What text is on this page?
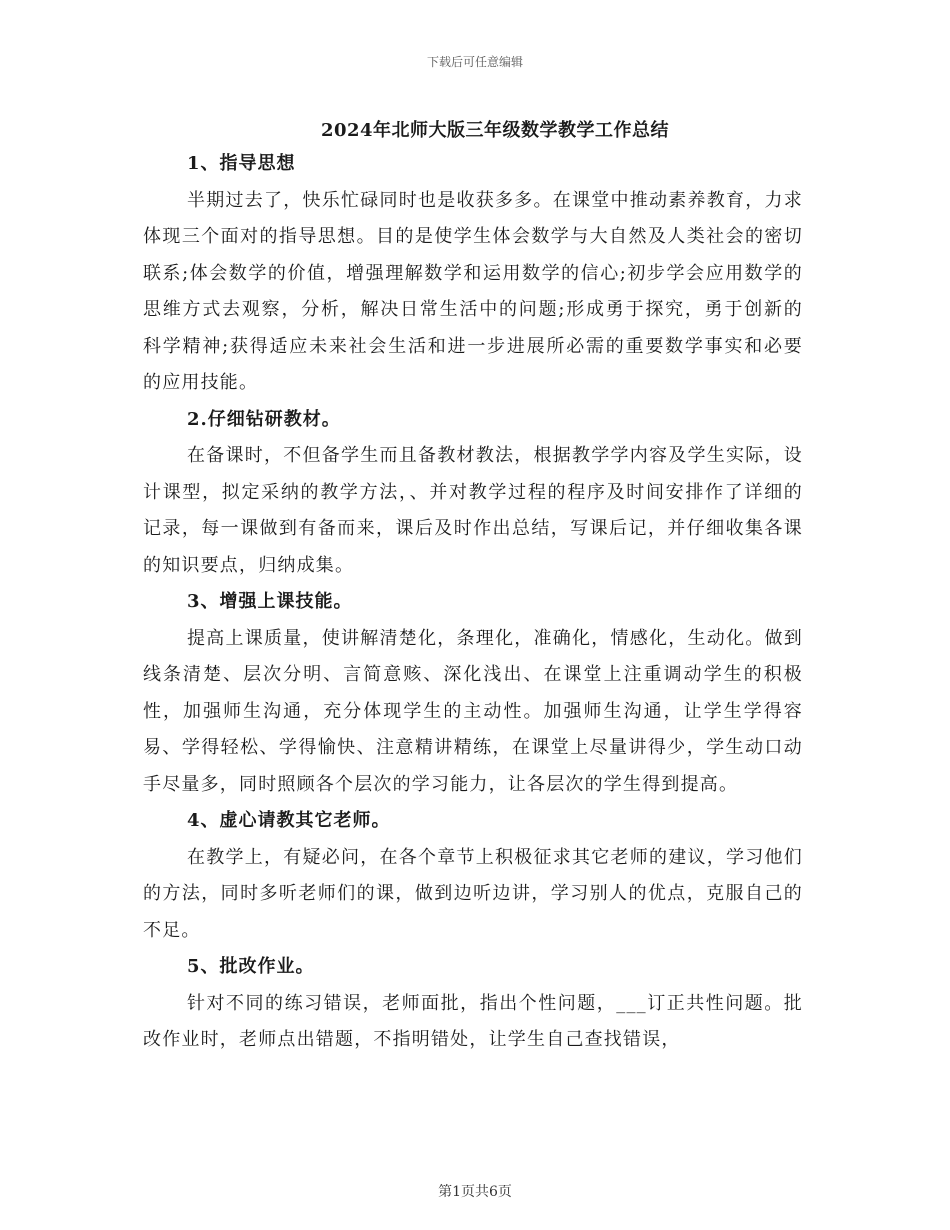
下载后可任意编辑
2024年北师大版三年级数学教学工作总结

1、指导思想

半期过去了，快乐忙碌同时也是收获多多。在课堂中推动素养教育，力求体现三个面对的指导思想。目的是使学生体会数学与大自然及人类社会的密切联系;体会数学的价值，增强理解数学和运用数学的信心;初步学会应用数学的思维方式去观察，分析，解决日常生活中的问题;形成勇于探究，勇于创新的科学精神;获得适应未来社会生活和进一步进展所必需的重要数学事实和必要的应用技能。

2.仔细钻研教材。

在备课时，不但备学生而且备教材教法，根据教学学内容及学生实际，设计课型，拟定采纳的教学方法，、并对教学过程的程序及时间安排作了详细的记录，每一课做到有备而来，课后及时作出总结，写课后记，并仔细收集各课的知识要点，归纳成集。

3、增强上课技能。

提高上课质量，使讲解清楚化，条理化，准确化，情感化，生动化。做到线条清楚、层次分明、言简意赅、深化浅出、在课堂上注重调动学生的积极性，加强师生沟通，充分体现学生的主动性。加强师生沟通，让学生学得容易、学得轻松、学得愉快、注意精讲精练，在课堂上尽量讲得少，学生动口动手尽量多，同时照顾各个层次的学习能力，让各层次的学生得到提高。

4、虚心请教其它老师。

在教学上，有疑必问，在各个章节上积极征求其它老师的建议，学习他们的方法，同时多听老师们的课，做到边听边讲，学习别人的优点，克服自己的不足。

5、批改作业。

针对不同的练习错误，老师面批，指出个性问题，___订正共性问题。批改作业时，老师点出错题，不指明错处，让学生自己查找错误，

第1页共6页
